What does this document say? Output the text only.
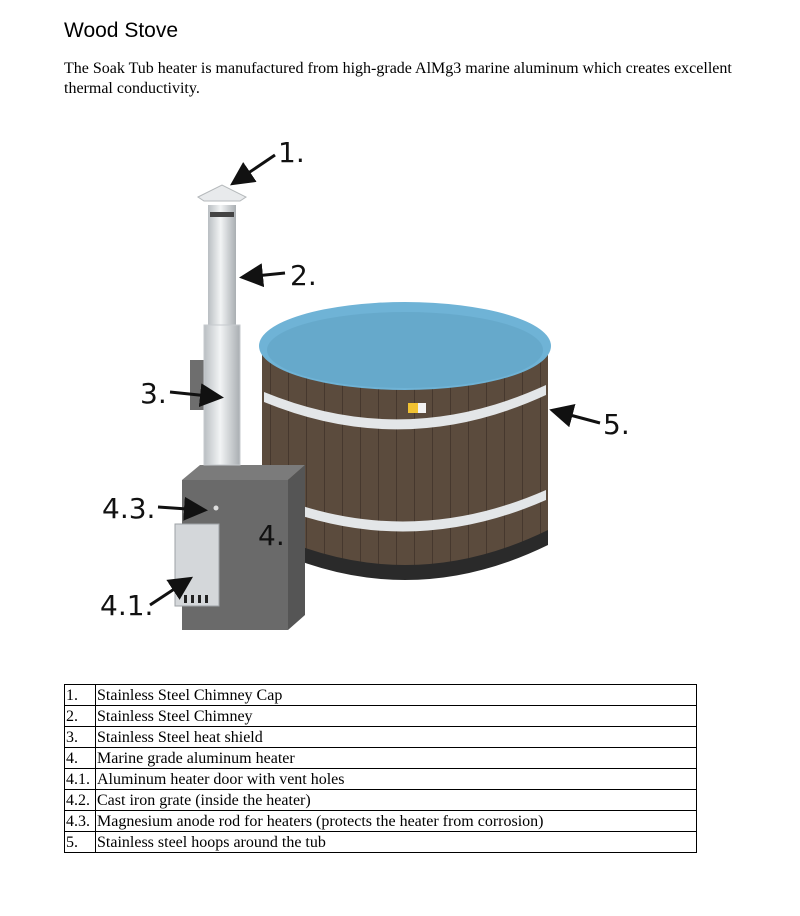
Wood Stove

The Soak Tub heater is manufactured from high-grade AlMg3 marine aluminum which creates excellent thermal conductivity.

1.
2.
3.
4.
4.1.
4.3.
5.
1.	Stainless Steel Chimney Cap
2.	Stainless Steel Chimney
3.	Stainless Steel heat shield
4.	Marine grade aluminum heater
4.1.	Aluminum heater door with vent holes
4.2.	Cast iron grate (inside the heater)
4.3.	Magnesium anode rod for heaters (protects the heater from corrosion)
5.	Stainless steel hoops around the tub
